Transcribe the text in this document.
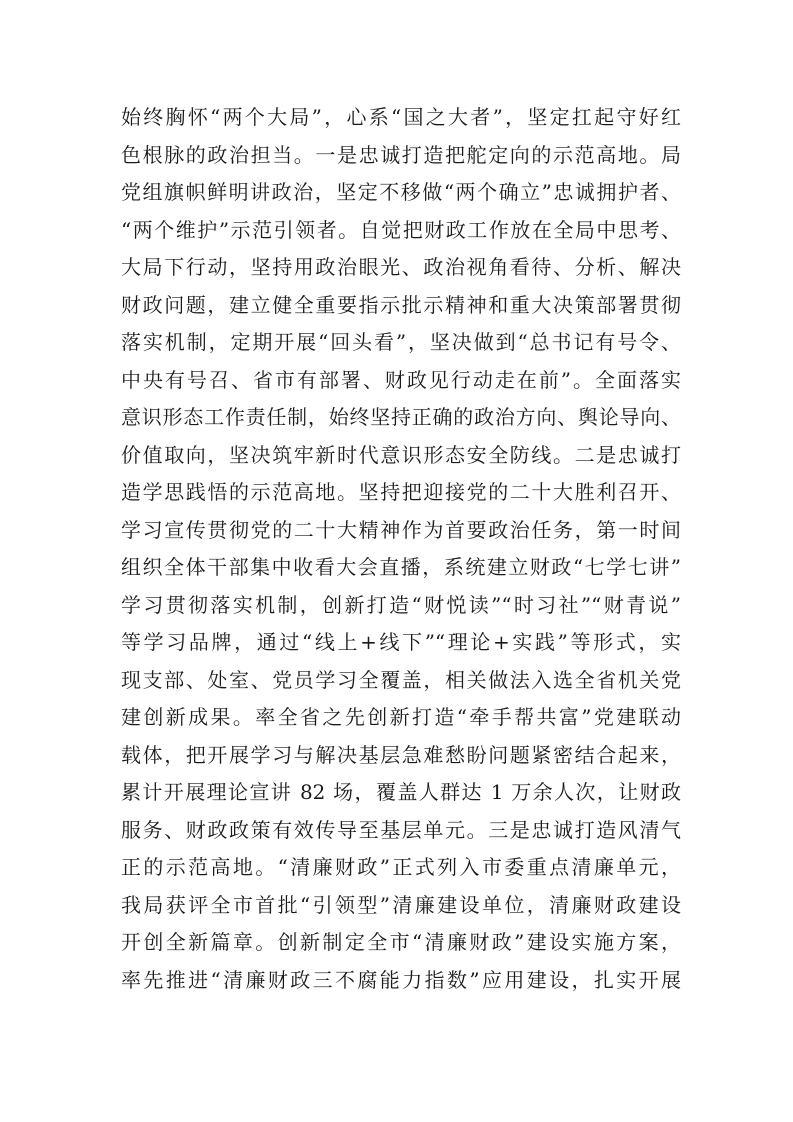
始终胸怀“两个大局”，心系“国之大者”，坚定扛起守好红
色根脉的政治担当。一是忠诚打造把舵定向的示范高地。局
党组旗帜鲜明讲政治，坚定不移做“两个确立”忠诚拥护者、
“两个维护”示范引领者。自觉把财政工作放在全局中思考、
大局下行动，坚持用政治眼光、政治视角看待、分析、解决
财政问题，建立健全重要指示批示精神和重大决策部署贯彻
落实机制，定期开展“回头看”，坚决做到“总书记有号令、
中央有号召、省市有部署、财政见行动走在前”。全面落实
意识形态工作责任制，始终坚持正确的政治方向、舆论导向、
价值取向，坚决筑牢新时代意识形态安全防线。二是忠诚打
造学思践悟的示范高地。坚持把迎接党的二十大胜利召开、
学习宣传贯彻党的二十大精神作为首要政治任务，第一时间
组织全体干部集中收看大会直播，系统建立财政“七学七讲”
学习贯彻落实机制，创新打造“财悦读”“时习社”“财青说”
等学习品牌，通过“线上+线下”“理论+实践”等形式，实
现支部、处室、党员学习全覆盖，相关做法入选全省机关党
建创新成果。率全省之先创新打造“牵手帮共富”党建联动
载体，把开展学习与解决基层急难愁盼问题紧密结合起来，
累计开展理论宣讲 82 场，覆盖人群达 1 万余人次，让财政
服务、财政政策有效传导至基层单元。三是忠诚打造风清气
正的示范高地。“清廉财政”正式列入市委重点清廉单元，
我局获评全市首批“引领型”清廉建设单位，清廉财政建设
开创全新篇章。创新制定全市“清廉财政”建设实施方案，
率先推进“清廉财政三不腐能力指数”应用建设，扎实开展
